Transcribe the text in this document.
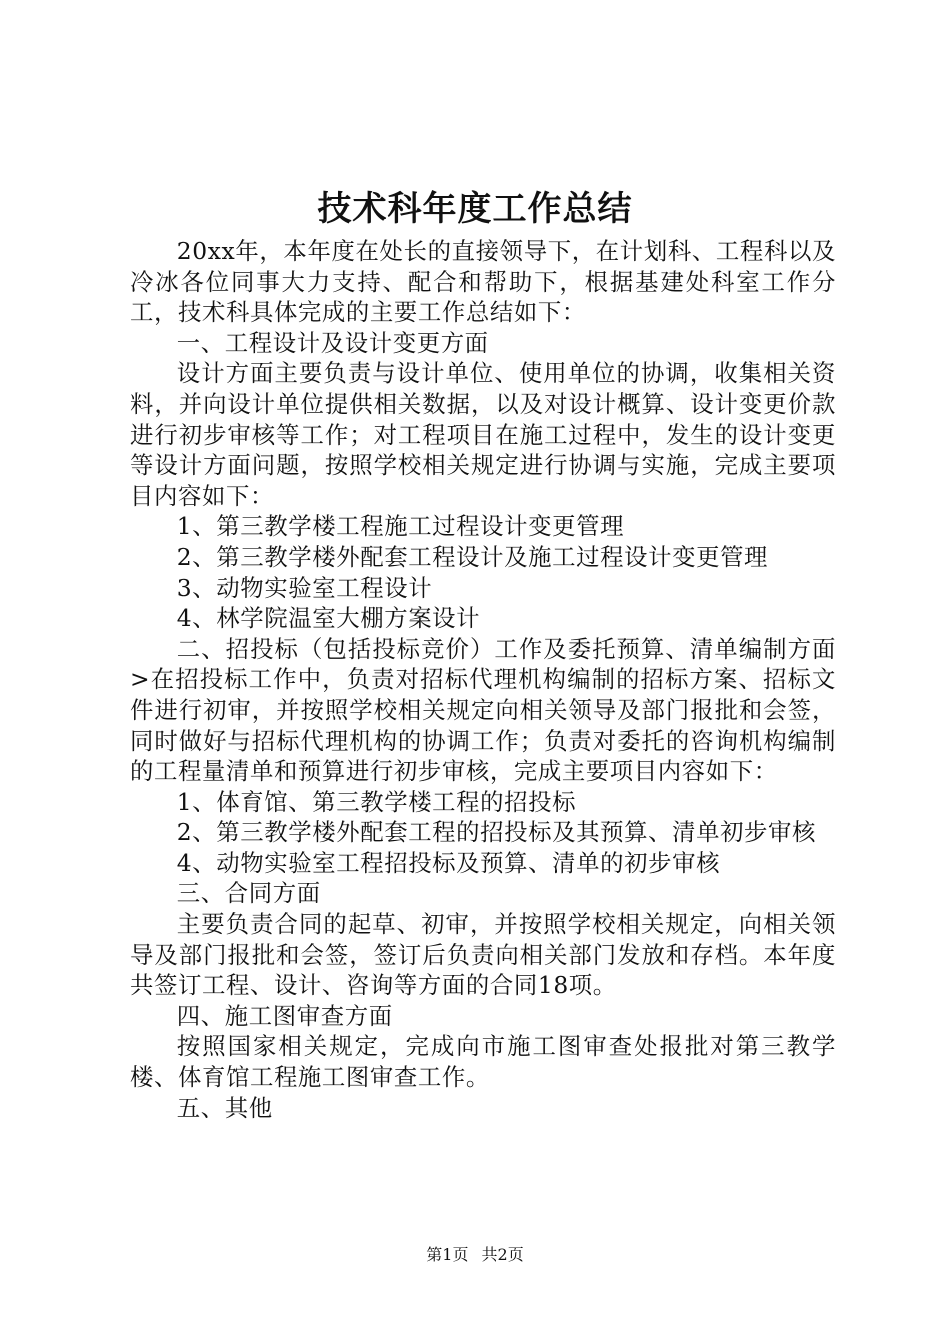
技术科年度工作总结

20xx年，本年度在处长的直接领导下，在计划科、工程科以及冷冰各位同事大力支持、配合和帮助下，根据基建处科室工作分工，技术科具体完成的主要工作总结如下：

一、工程设计及设计变更方面

设计方面主要负责与设计单位、使用单位的协调，收集相关资料，并向设计单位提供相关数据，以及对设计概算、设计变更价款进行初步审核等工作；对工程项目在施工过程中，发生的设计变更等设计方面问题，按照学校相关规定进行协调与实施，完成主要项目内容如下：

1、第三教学楼工程施工过程设计变更管理

2、第三教学楼外配套工程设计及施工过程设计变更管理

3、动物实验室工程设计

4、林学院温室大棚方案设计

二、招投标（包括投标竞价）工作及委托预算、清单编制方面>在招投标工作中，负责对招标代理机构编制的招标方案、招标文件进行初审，并按照学校相关规定向相关领导及部门报批和会签，同时做好与招标代理机构的协调工作；负责对委托的咨询机构编制的工程量清单和预算进行初步审核，完成主要项目内容如下：

1、体育馆、第三教学楼工程的招投标

2、第三教学楼外配套工程的招投标及其预算、清单初步审核

4、动物实验室工程招投标及预算、清单的初步审核

三、合同方面

主要负责合同的起草、初审，并按照学校相关规定，向相关领导及部门报批和会签，签订后负责向相关部门发放和存档。本年度共签订工程、设计、咨询等方面的合同18项。

四、施工图审查方面

按照国家相关规定，完成向市施工图审查处报批对第三教学楼、体育馆工程施工图审查工作。

五、其他

第1页 共2页
